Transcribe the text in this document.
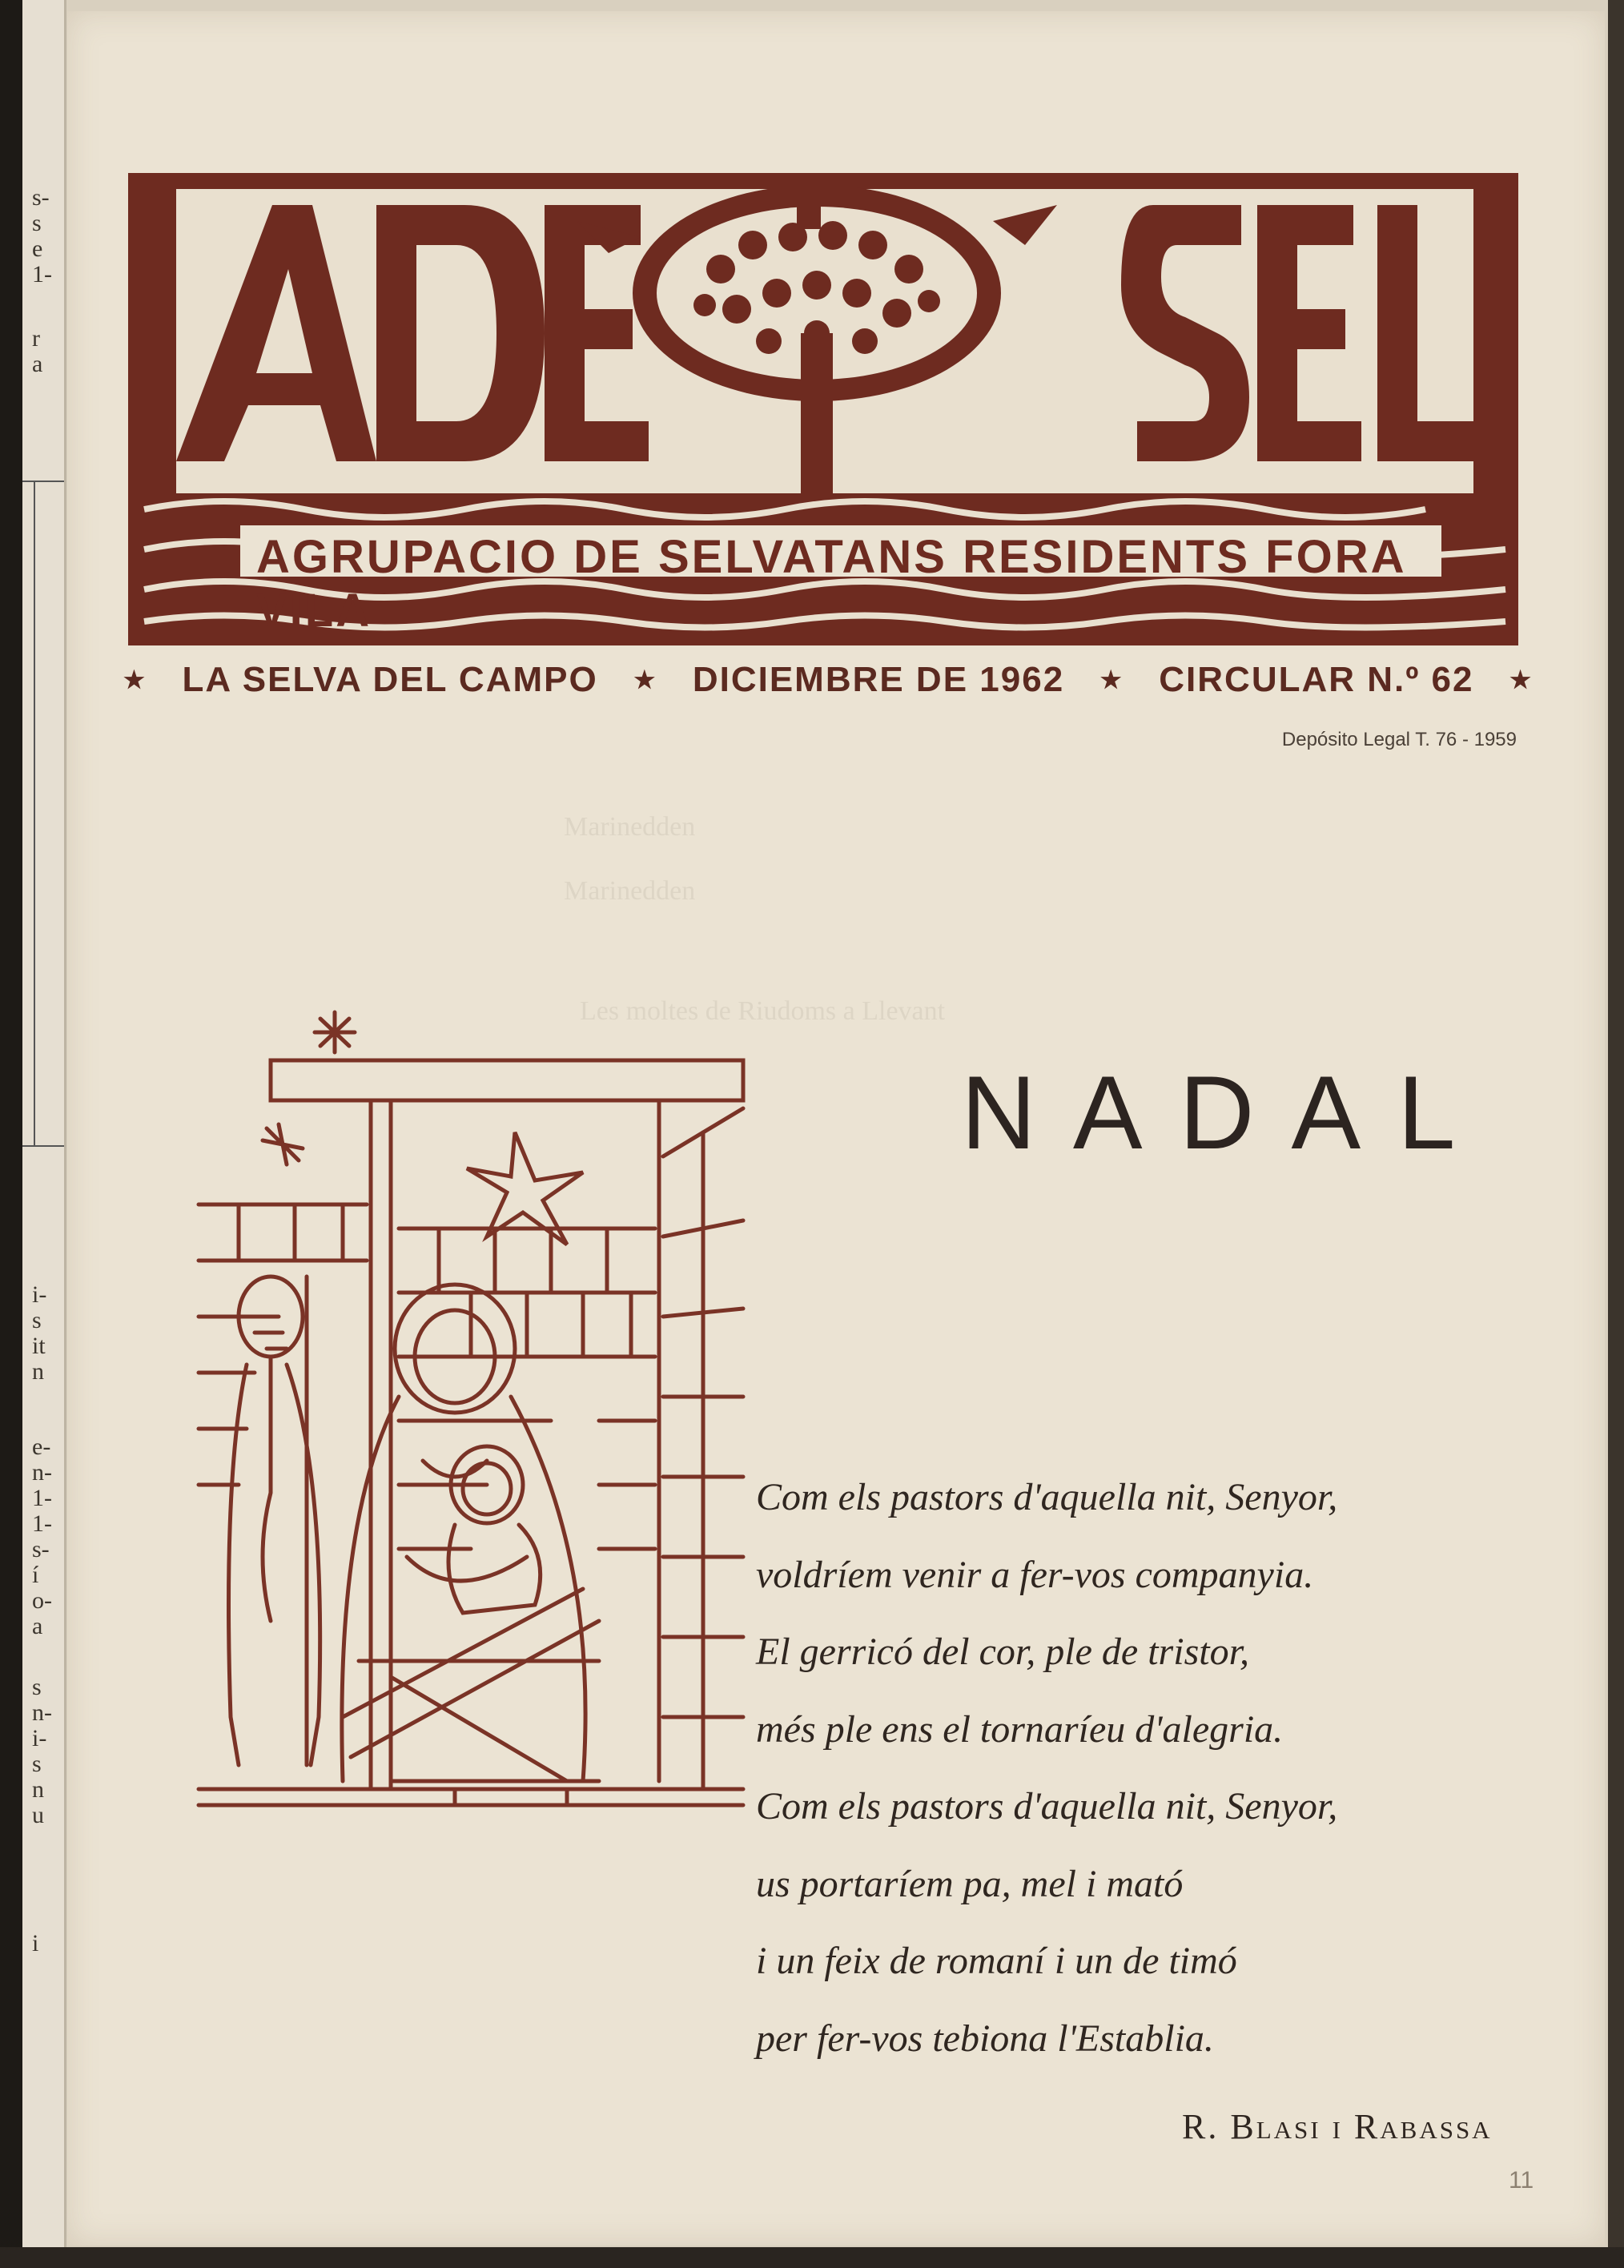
s-
s
e
1-
r
a
i-
s
it
n
e-
n-
1-
1-
s-
í
o-
a
s
n-
i-
s
n
u
i
AGRUPACIO DE SELVATANS RESIDENTS FORA VILA
★ LA SELVA DEL CAMPO ★ DICIEMBRE DE 1962 ★ CIRCULAR N.º 62 ★
Depósito Legal T. 76 - 1959
Marinedden
Marinedden
Les moltes de Riudoms a Llevant
NADAL
Com els pastors d'aquella nit, Senyor,
voldríem venir a fer-vos companyia.
El gerricó del cor, ple de tristor,
més ple ens el tornaríeu d'alegria.
Com els pastors d'aquella nit, Senyor,
us portaríem pa, mel i mató
i un feix de romaní i un de timó
per fer-vos tebiona l'Establia.
R. Blasi i Rabassa
11
